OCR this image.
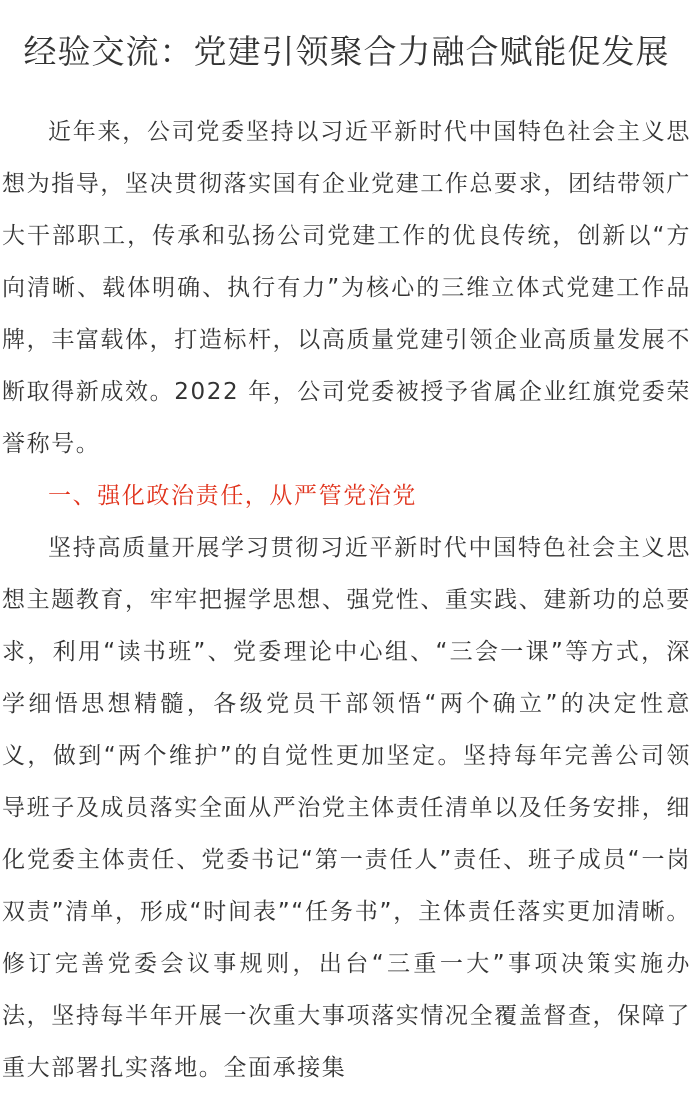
经验交流：党建引领聚合力融合赋能促发展

近年来，公司党委坚持以习近平新时代中国特色社会主义思想为指导，坚决贯彻落实国有企业党建工作总要求，团结带领广大干部职工，传承和弘扬公司党建工作的优良传统，创新以“方向清晰、载体明确、执行有力”为核心的三维立体式党建工作品牌，丰富载体，打造标杆，以高质量党建引领企业高质量发展不断取得新成效。2022 年，公司党委被授予省属企业红旗党委荣誉称号。

一、强化政治责任，从严管党治党

坚持高质量开展学习贯彻习近平新时代中国特色社会主义思想主题教育，牢牢把握学思想、强党性、重实践、建新功的总要求，利用“读书班”、党委理论中心组、“三会一课”等方式，深学细悟思想精髓，各级党员干部领悟“两个确立”的决定性意义，做到“两个维护”的自觉性更加坚定。坚持每年完善公司领导班子及成员落实全面从严治党主体责任清单以及任务安排，细化党委主体责任、党委书记“第一责任人”责任、班子成员“一岗双责”清单，形成“时间表”“任务书”，主体责任落实更加清晰。修订完善党委会议事规则，出台“三重一大”事项决策实施办法，坚持每半年开展一次重大事项落实情况全覆盖督查，保障了重大部署扎实落地。全面承接集
